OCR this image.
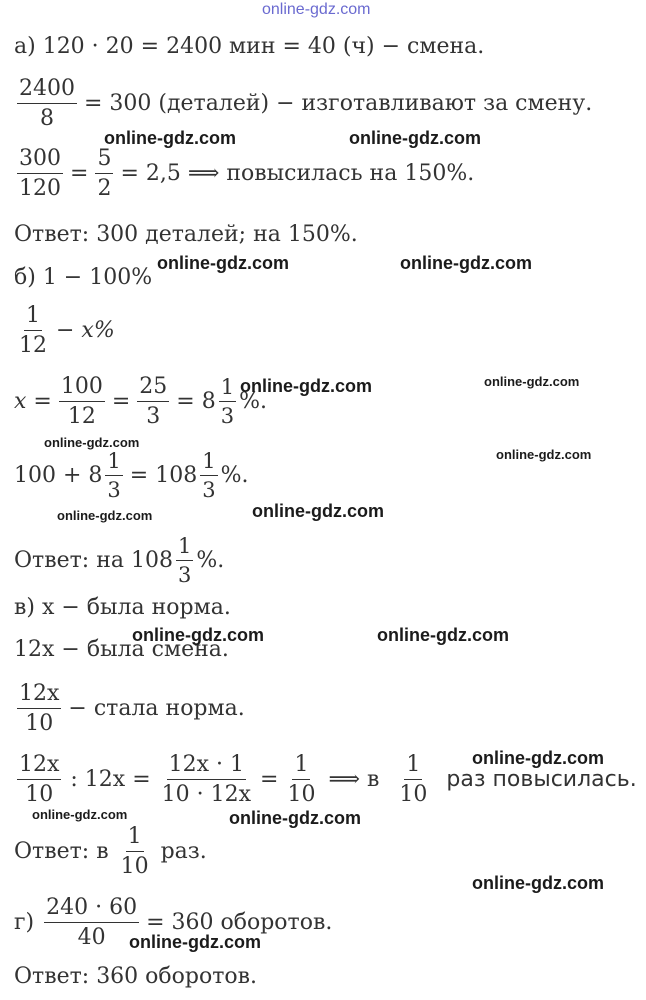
online-gdz.com
а) 120 · 20 = 2400 мин = 40 (ч) − смена.
$\frac{2400}{8} = 300$ (деталей) − изготавливают за смену.
$\frac{300}{120} = \frac{5}{2} = 2,5$ ⟹ повысилась на 150%.
Ответ: 300 деталей; на 150%.
б) 1 − 100%
$\frac{1}{12} - x\%$
$x = \frac{100}{12} = \frac{25}{3} = 8 \frac{1}{3}$ %.
$100 + 8 \frac{1}{3} = 108 \frac{1}{3}$ %.
Ответ: на $108 \frac{1}{3}$ %.
в) x − была норма.
12x − была смена.
$\frac{12x}{10}$ − стала норма.
$\frac{12x}{10}$ : $12x = \frac{12x \cdot 1}{10 \cdot 12x} = \frac{1}{10}$ ⟹ в $\frac{1}{10}$ раз повысилась.
Ответ: в $\frac{1}{10}$ раз.
$г) \frac{240 \cdot 60}{40} = 360$ оборотов.
Ответ: 360 оборотов.
online-gdz.com	online-gdz.com
online-gdz.com	online-gdz.com
online-gdz.com	online-gdz.com
online-gdz.com
online-gdz.com
online-gdz.com	online-gdz.com
online-gdz.com	online-gdz.com
online-gdz.com
online-gdz.com	online-gdz.com
online-gdz.com
online-gdz.com
